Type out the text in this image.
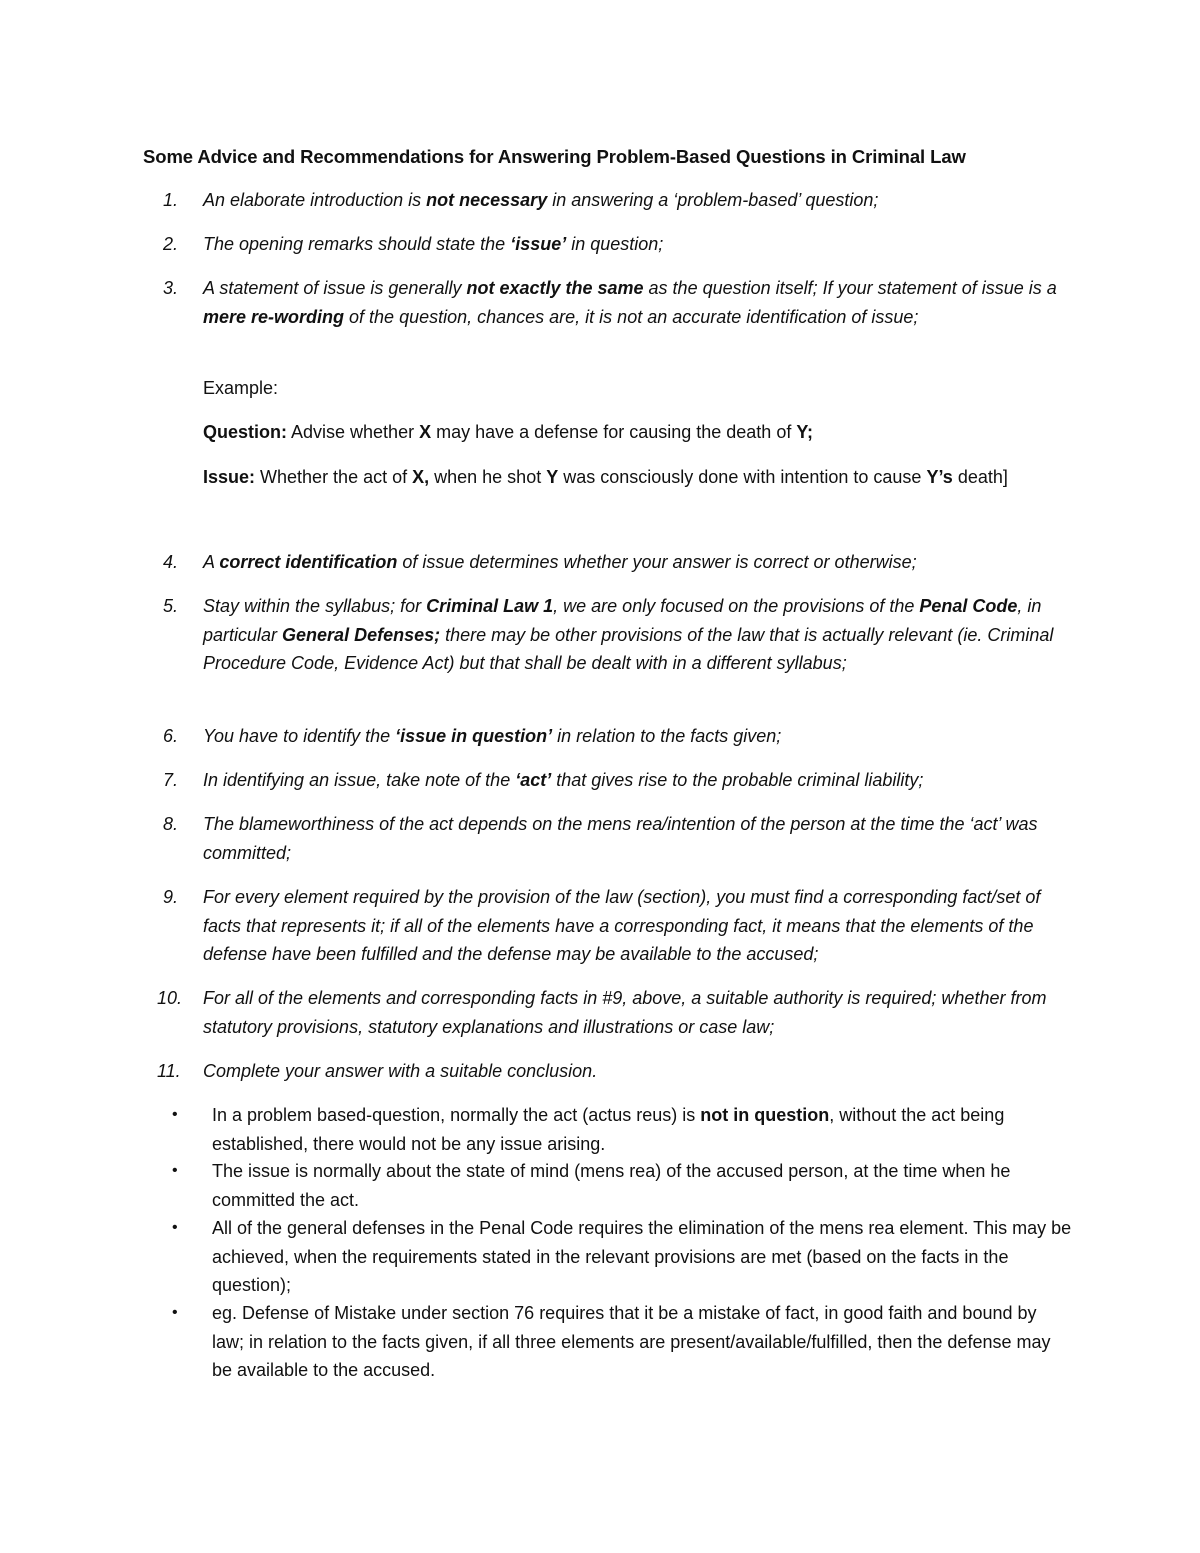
Some Advice and Recommendations for Answering Problem-Based Questions in Criminal Law
1.	An elaborate introduction is not necessary in answering a ‘problem-based’ question;
2.	The opening remarks should state the ‘issue’ in question;
3.	A statement of issue is generally not exactly the same as the question itself; If your statement of issue is a mere re-wording of the question, chances are, it is not an accurate identification of issue;
Example:
Question: Advise whether X may have a defense for causing the death of Y;
Issue: Whether the act of X, when he shot Y was consciously done with intention to cause Y’s death]
4.	A correct identification of issue determines whether your answer is correct or otherwise;
5.	Stay within the syllabus; for Criminal Law 1, we are only focused on the provisions of the Penal Code, in particular General Defenses; there may be other provisions of the law that is actually relevant (ie. Criminal Procedure Code, Evidence Act) but that shall be dealt with in a different syllabus;
6.	You have to identify the ‘issue in question’ in relation to the facts given;
7.	In identifying an issue, take note of the ‘act’ that gives rise to the probable criminal liability;
8.	The blameworthiness of the act depends on the mens rea/intention of the person at the time the ‘act’ was committed;
9.	For every element required by the provision of the law (section), you must find a corresponding fact/set of facts that represents it; if all of the elements have a corresponding fact, it means that the elements of the defense have been fulfilled and the defense may be available to the accused;
10.	For all of the elements and corresponding facts in #9, above, a suitable authority is required; whether from statutory provisions, statutory explanations and illustrations or case law;
11.	Complete your answer with a suitable conclusion.
•	In a problem based-question, normally the act (actus reus) is not in question, without the act being established, there would not be any issue arising.
•	The issue is normally about the state of mind (mens rea) of the accused person, at the time when he committed the act.
•	All of the general defenses in the Penal Code requires the elimination of the mens rea element. This may be achieved, when the requirements stated in the relevant provisions are met (based on the facts in the question);
•	eg. Defense of Mistake under section 76 requires that it be a mistake of fact, in good faith and bound by law; in relation to the facts given, if all three elements are present/available/fulfilled, then the defense may be available to the accused.
